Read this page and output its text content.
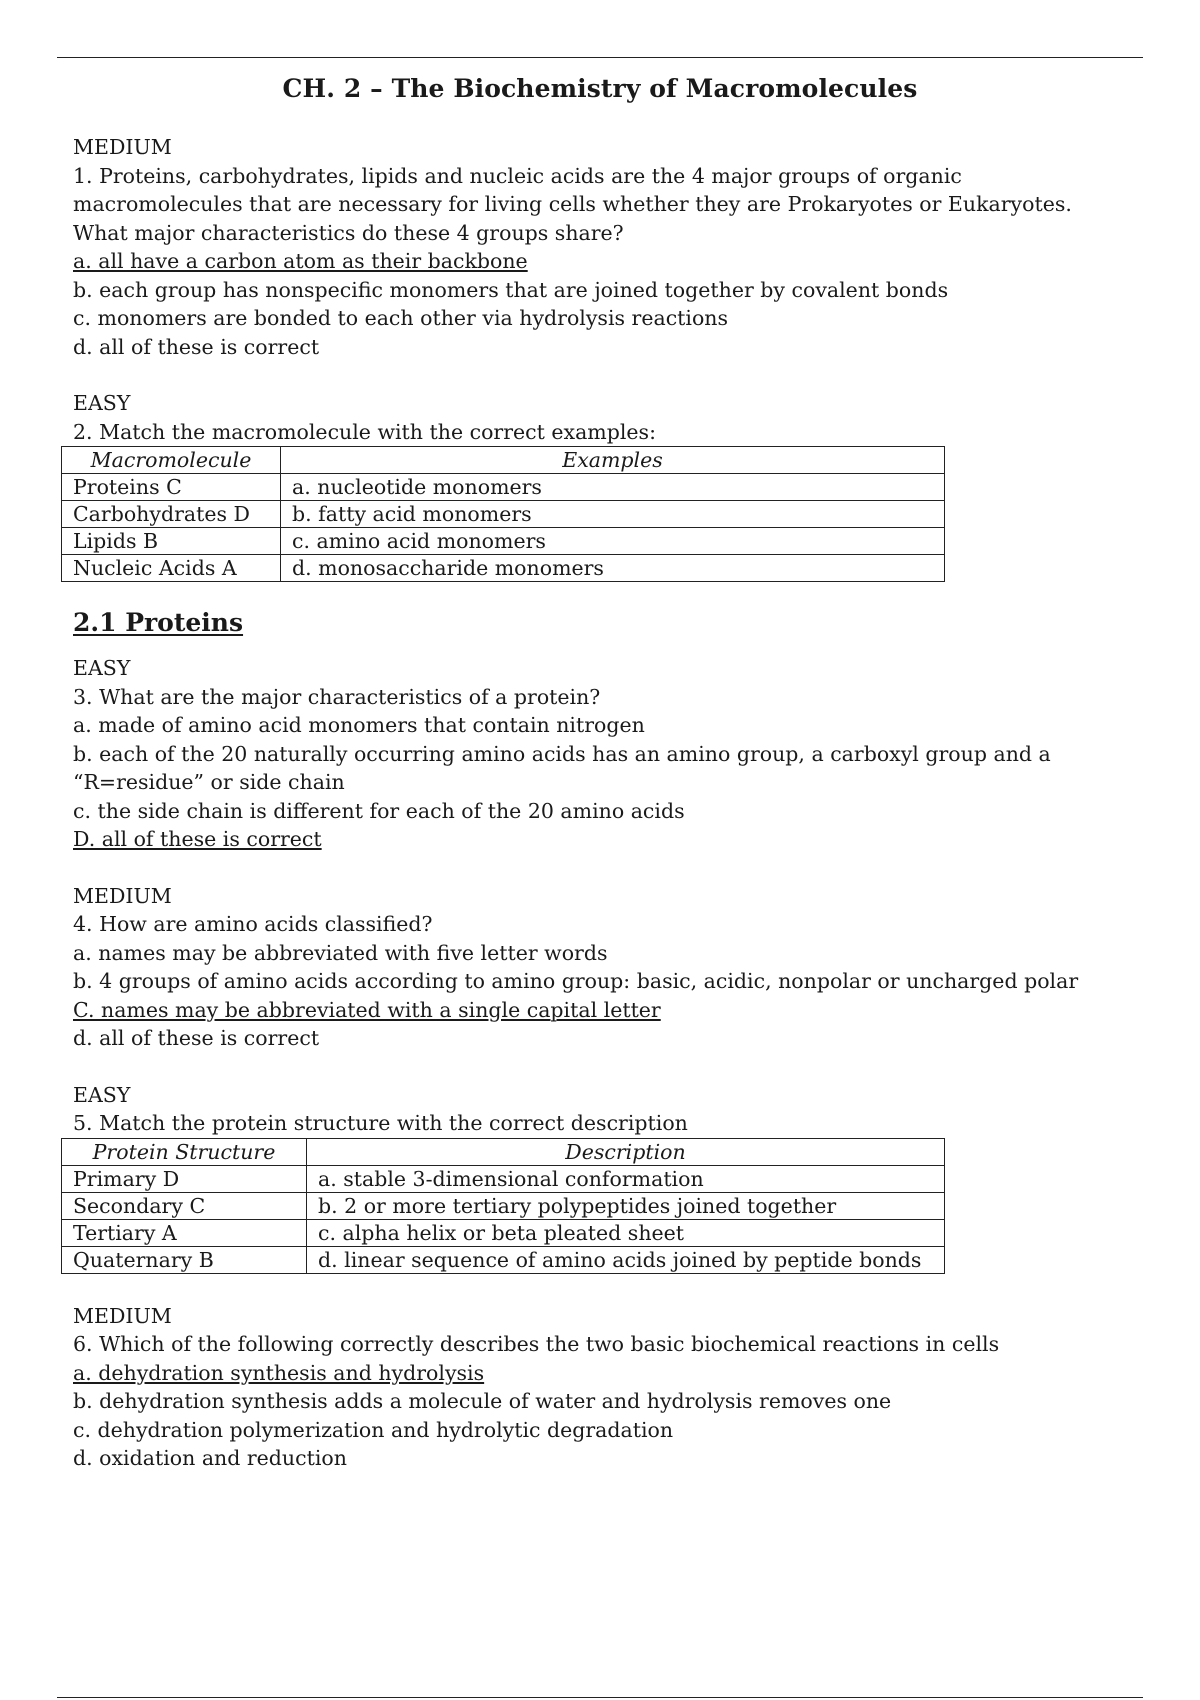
CH. 2 – The Biochemistry of Macromolecules
MEDIUM
1. Proteins, carbohydrates, lipids and nucleic acids are the 4 major groups of organic macromolecules that are necessary for living cells whether they are Prokaryotes or Eukaryotes. What major characteristics do these 4 groups share?
a. all have a carbon atom as their backbone
b. each group has nonspecific monomers that are joined together by covalent bonds
c. monomers are bonded to each other via hydrolysis reactions
d. all of these is correct
EASY
2. Match the macromolecule with the correct examples:
Macromolecule	Examples
Proteins C	a. nucleotide monomers
Carbohydrates D	b. fatty acid monomers
Lipids B	c. amino acid monomers
Nucleic Acids A	d. monosaccharide monomers
2.1 Proteins
EASY
3. What are the major characteristics of a protein?
a. made of amino acid monomers that contain nitrogen
b. each of the 20 naturally occurring amino acids has an amino group, a carboxyl group and a “R=residue” or side chain
c. the side chain is different for each of the 20 amino acids
D. all of these is correct
MEDIUM
4. How are amino acids classified?
a. names may be abbreviated with five letter words
b. 4 groups of amino acids according to amino group: basic, acidic, nonpolar or uncharged polar
C. names may be abbreviated with a single capital letter
d. all of these is correct
EASY
5. Match the protein structure with the correct description
Protein Structure	Description
Primary D	a. stable 3-dimensional conformation
Secondary C	b. 2 or more tertiary polypeptides joined together
Tertiary A	c. alpha helix or beta pleated sheet
Quaternary B	d. linear sequence of amino acids joined by peptide bonds
MEDIUM
6. Which of the following correctly describes the two basic biochemical reactions in cells
a. dehydration synthesis and hydrolysis
b. dehydration synthesis adds a molecule of water and hydrolysis removes one
c. dehydration polymerization and hydrolytic degradation
d. oxidation and reduction
